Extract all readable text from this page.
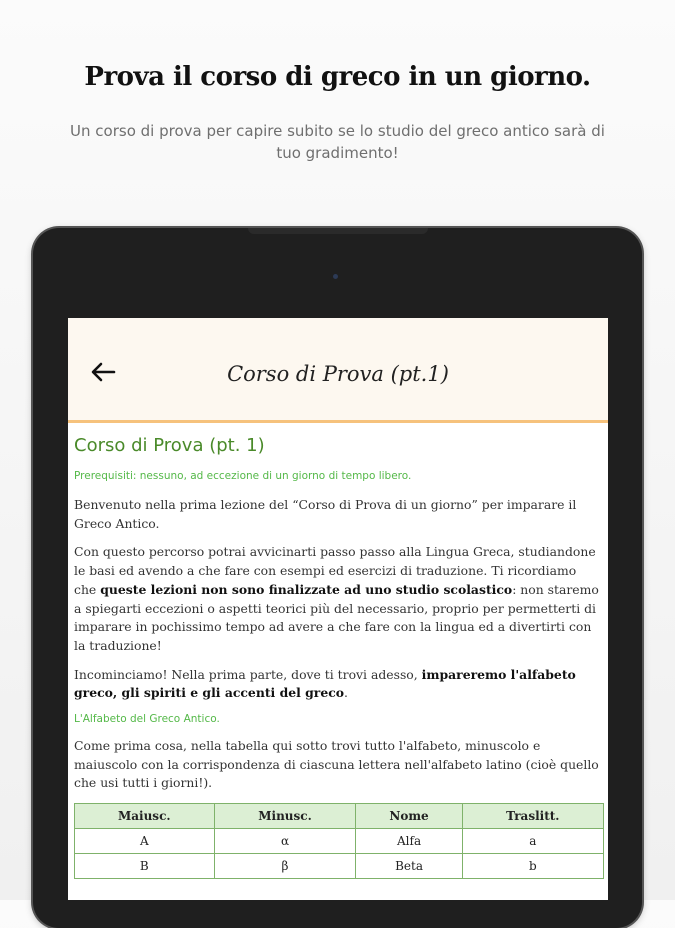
Prova il corso di greco in un giorno.
Un corso di prova per capire subito se lo studio del greco antico sarà di tuo gradimento!
Corso di Prova (pt.1)
Corso di Prova (pt. 1)
Prerequisiti: nessuno, ad eccezione di un giorno di tempo libero.

Benvenuto nella prima lezione del “Corso di Prova di un giorno” per imparare il Greco Antico.

Con questo percorso potrai avvicinarti passo passo alla Lingua Greca, studiandone le basi ed avendo a che fare con esempi ed esercizi di traduzione. Ti ricordiamo che queste lezioni non sono finalizzate ad uno studio scolastico: non staremo a spiegarti eccezioni o aspetti teorici più del necessario, proprio per permetterti di imparare in pochissimo tempo ad avere a che fare con la lingua ed a divertirti con la traduzione!

Incominciamo! Nella prima parte, dove ti trovi adesso, impareremo l'alfabeto greco, gli spiriti e gli accenti del greco.

L'Alfabeto del Greco Antico.

Come prima cosa, nella tabella qui sotto trovi tutto l'alfabeto, minuscolo e maiuscolo con la corrispondenza di ciascuna lettera nell'alfabeto latino (cioè quello che usi tutti i giorni!).

Maiusc.	Minusc.	Nome	Traslitt.
Α	α	Alfa	a
Β	β	Beta	b
